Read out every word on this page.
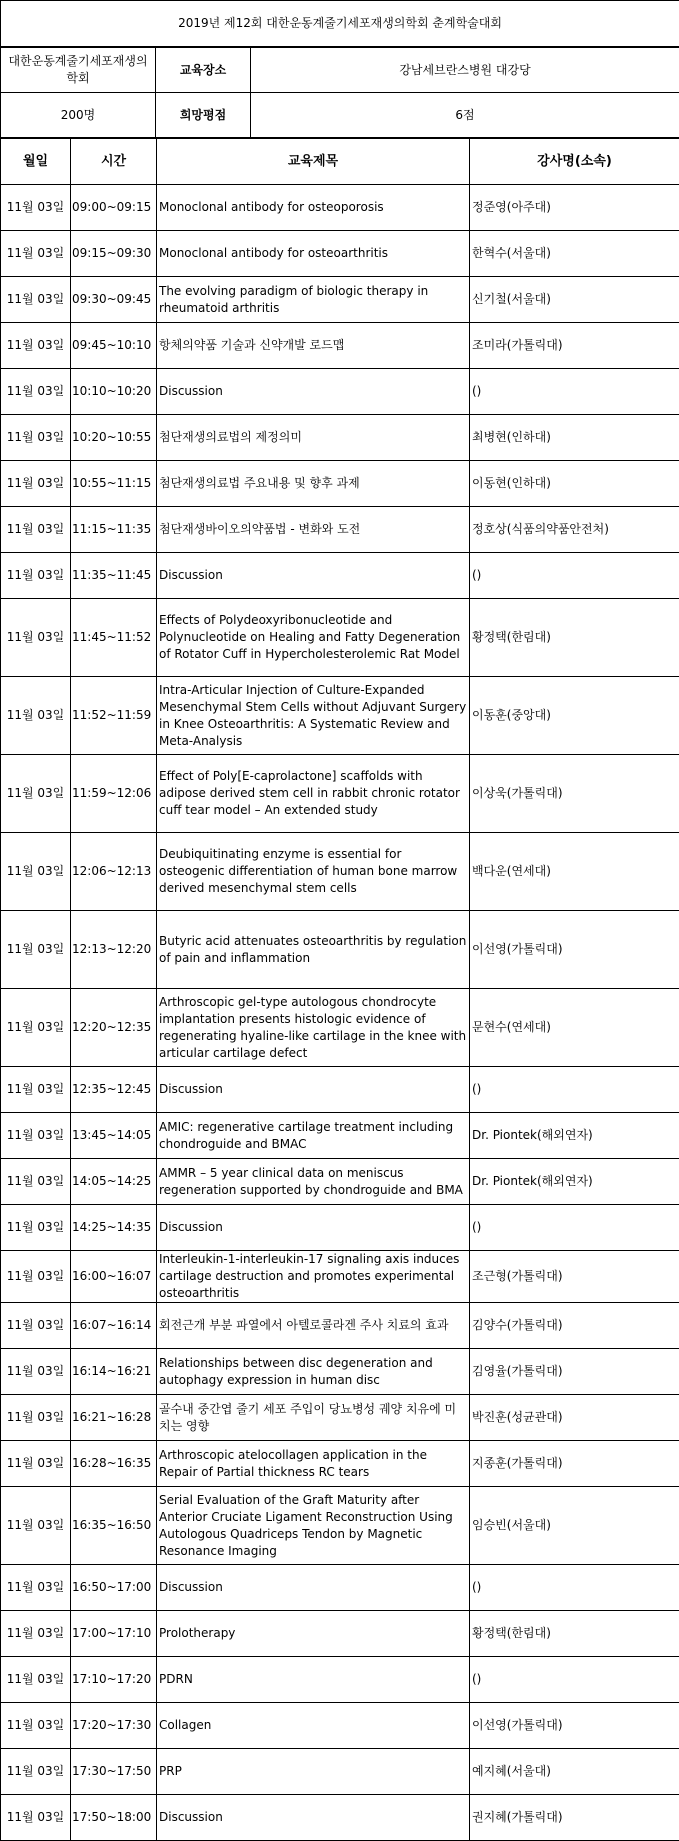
2019년 제12회 대한운동계줄기세포재생의학회 춘계학술대회
대한운동계줄기세포재생의학회	교육장소	강남세브란스병원 대강당
200명	희망평점	6점
월일	시간	교육제목	강사명(소속)
11월 03일	09:00~09:15	Monoclonal antibody for osteoporosis	정준영(아주대)
11월 03일	09:15~09:30	Monoclonal antibody for osteoarthritis	한혁수(서울대)
11월 03일	09:30~09:45	The evolving paradigm of biologic therapy in rheumatoid arthritis	신기철(서울대)
11월 03일	09:45~10:10	항체의약품 기술과 신약개발 로드맵	조미라(가톨릭대)
11월 03일	10:10~10:20	Discussion	()
11월 03일	10:20~10:55	첨단재생의료법의 제정의미	최병현(인하대)
11월 03일	10:55~11:15	첨단재생의료법 주요내용 및 향후 과제	이동현(인하대)
11월 03일	11:15~11:35	첨단재생바이오의약품법 - 변화와 도전	정호상(식품의약품안전처)
11월 03일	11:35~11:45	Discussion	()
11월 03일	11:45~11:52	Effects of Polydeoxyribonucleotide and Polynucleotide on Healing and Fatty Degeneration of Rotator Cuff in Hypercholesterolemic Rat Model	황정택(한림대)
11월 03일	11:52~11:59	Intra-Articular Injection of Culture-Expanded Mesenchymal Stem Cells without Adjuvant Surgery in Knee Osteoarthritis: A Systematic Review and Meta-Analysis	이동훈(중앙대)
11월 03일	11:59~12:06	Effect of Poly[E-caprolactone] scaffolds with adipose derived stem cell in rabbit chronic rotator cuff tear model – An extended study	이상욱(가톨릭대)
11월 03일	12:06~12:13	Deubiquitinating enzyme is essential for osteogenic differentiation of human bone marrow derived mesenchymal stem cells	백다운(연세대)
11월 03일	12:13~12:20	Butyric acid attenuates osteoarthritis by regulation of pain and inflammation	이선영(가톨릭대)
11월 03일	12:20~12:35	Arthroscopic gel-type autologous chondrocyte implantation presents histologic evidence of regenerating hyaline-like cartilage in the knee with articular cartilage defect	문현수(연세대)
11월 03일	12:35~12:45	Discussion	()
11월 03일	13:45~14:05	AMIC: regenerative cartilage treatment including chondroguide and BMAC	Dr. Piontek(해외연자)
11월 03일	14:05~14:25	AMMR – 5 year clinical data on meniscus regeneration supported by chondroguide and BMA	Dr. Piontek(해외연자)
11월 03일	14:25~14:35	Discussion	()
11월 03일	16:00~16:07	Interleukin-1-interleukin-17 signaling axis induces cartilage destruction and promotes experimental osteoarthritis	조근형(가톨릭대)
11월 03일	16:07~16:14	회전근개 부분 파열에서 아텔로콜라겐 주사 치료의 효과	김양수(가톨릭대)
11월 03일	16:14~16:21	Relationships between disc degeneration and autophagy expression in human disc	김영율(가톨릭대)
11월 03일	16:21~16:28	골수내 중간엽 줄기 세포 주입이 당뇨병성 궤양 치유에 미치는 영향	박진훈(성균관대)
11월 03일	16:28~16:35	Arthroscopic atelocollagen application in the Repair of Partial thickness RC tears	지종훈(가톨릭대)
11월 03일	16:35~16:50	Serial Evaluation of the Graft Maturity after Anterior Cruciate Ligament Reconstruction Using Autologous Quadriceps Tendon by Magnetic Resonance Imaging	임승빈(서울대)
11월 03일	16:50~17:00	Discussion	()
11월 03일	17:00~17:10	Prolotherapy	황정택(한림대)
11월 03일	17:10~17:20	PDRN	()
11월 03일	17:20~17:30	Collagen	이선영(가톨릭대)
11월 03일	17:30~17:50	PRP	예지혜(서울대)
11월 03일	17:50~18:00	Discussion	권지혜(가톨릭대)
